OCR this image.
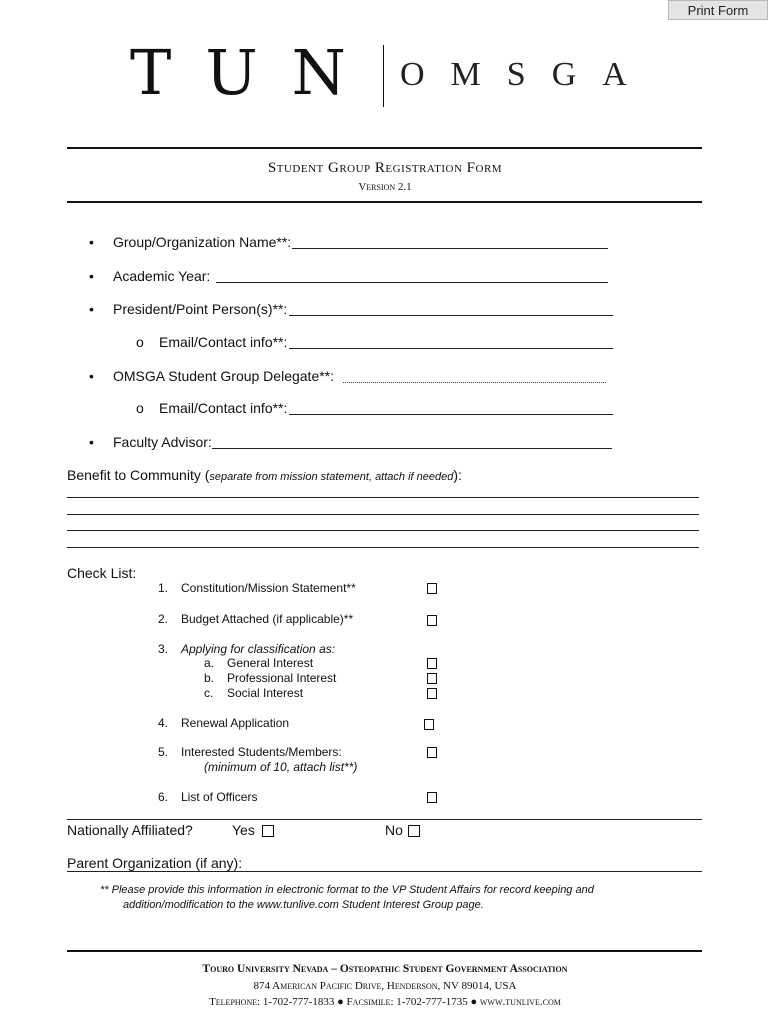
Print Form
TUN OMSGA
Student Group Registration Form
Version 2.1
• Group/Organization Name**:
• Academic Year:
• President/Point Person(s)**:
o Email/Contact info**:
• OMSGA Student Group Delegate**:
o Email/Contact info**:
• Faculty Advisor:
Benefit to Community (separate from mission statement, attach if needed):
Check List:
1. Constitution/Mission Statement**
2. Budget Attached (if applicable)**
3. Applying for classification as:
a. General Interest
b. Professional Interest
c. Social Interest
4. Renewal Application
5. Interested Students/Members:
(minimum of 10, attach list**)
6. List of Officers
Nationally Affiliated?	Yes	No
Parent Organization (if any):
** Please provide this information in electronic format to the VP Student Affairs for record keeping and
addition/modification to the www.tunlive.com Student Interest Group page.
Touro University Nevada – Osteopathic Student Government Association
874 American Pacific Drive, Henderson, NV 89014, USA
Telephone: 1-702-777-1833 ● Facsimile: 1-702-777-1735 ● www.tunlive.com
